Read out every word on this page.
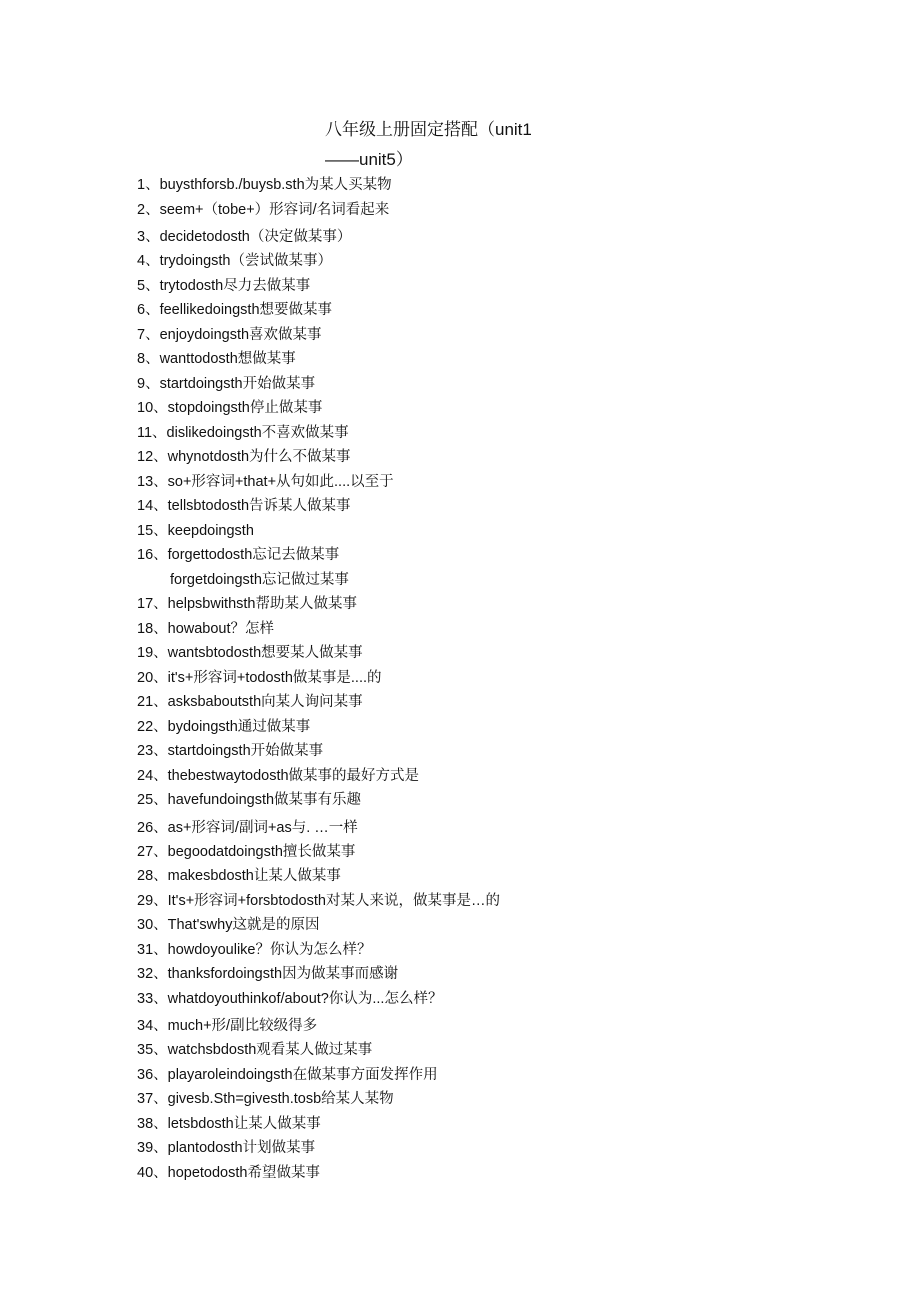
八年级上册固定搭配（unit1
——unit5）
1、buysthforsb./buysb.sth为某人买某物
2、seem+（tobe+）形容词/名词看起来
3、decidetodosth（决定做某事）
4、trydoingsth（尝试做某事）
5、trytodosth尽力去做某事
6、feellikedoingsth想要做某事
7、enjoydoingsth喜欢做某事
8、wanttodosth想做某事
9、startdoingsth开始做某事
10、stopdoingsth停止做某事
11、dislikedoingsth不喜欢做某事
12、whynotdosth为什么不做某事
13、so+形容词+that+从句如此....以至于
14、tellsbtodosth告诉某人做某事
15、keepdoingsth
16、forgettodosth忘记去做某事
forgetdoingsth忘记做过某事
17、helpsbwithsth帮助某人做某事
18、howabout？怎样
19、wantsbtodosth想要某人做某事
20、it's+形容词+todosth做某事是....的
21、asksbaboutsth向某人询问某事
22、bydoingsth通过做某事
23、startdoingsth开始做某事
24、thebestwaytodosth做某事的最好方式是
25、havefundoingsth做某事有乐趣
26、as+形容词/副词+as与. …一样
27、begoodatdoingsth擅长做某事
28、makesbdosth让某人做某事
29、It's+形容词+forsbtodosth对某人来说，做某事是…的
30、That'swhy这就是的原因
31、howdoyoulike？你认为怎么样？
32、thanksfordoingsth因为做某事而感谢
33、whatdoyouthinkof/about?你认为...怎么样？
34、much+形/副比较级得多
35、watchsbdosth观看某人做过某事
36、playaroleindoingsth在做某事方面发挥作用
37、givesb.Sth=givesth.tosb给某人某物
38、letsbdosth让某人做某事
39、plantodosth计划做某事
40、hopetodosth希望做某事
